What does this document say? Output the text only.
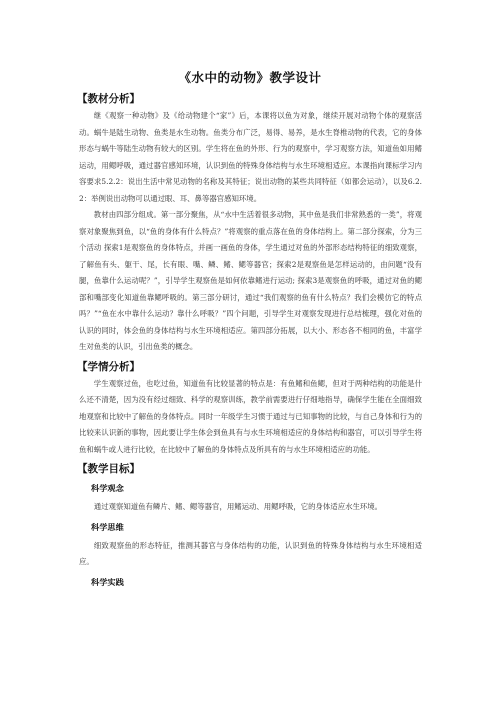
《水中的动物》教学设计
【教材分析】

继《观察一种动物》及《给动物建个“家”》后，本课将以鱼为对象，继续开展对动物个体的观察活动。蜗牛是陆生动物、鱼类是水生动物。鱼类分布广泛，易得、易养，是水生脊椎动物的代表，它的身体形态与蜗牛等陆生动物有较大的区别。学生将在鱼的外形、行为的观察中，学习观察方法，知道鱼如用鳍运动，用鳃呼吸，通过器官感知环境，认识到鱼的特殊身体结构与水生环境相适应。本课指向课标学习内容要求5.2.2：说出生活中常见动物的名称及其特征；说出动物的某些共同特征（如都会运动），以及6.2.2：举例说出动物可以通过眼、耳、鼻等器官感知环境。

教材由四部分组成。第一部分聚焦，从“水中生活着很多动物，其中鱼是我们非常熟悉的一类”，将观察对象聚焦到鱼，以“鱼的身体有什么特点？”将观察的重点落在鱼的身体结构上。第二部分探索，分为三个活动 探索1是观察鱼的身体特点，并画一画鱼的身体，学生通过对鱼的外部形态结构特征的细致观察，了解鱼有头、躯干、尾，长有眼、嘴、鳞、鳍、鳃等器官；探索2是观察鱼是怎样运动的，由问题“没有腿，鱼靠什么运动呢？”，引导学生观察鱼是如何依靠鳍进行运动; 探索3是观察鱼的呼吸，通过对鱼的鳃部和嘴部变化知道鱼靠鳃呼吸的。第三部分研讨，通过“我们观察的鱼有什么特点？我们会模仿它的特点吗？”“鱼在水中靠什么运动？靠什么呼吸？”四个问题，引导学生对观察发现进行总结梳理，强化对鱼的认识的同时，体会鱼的身体结构与水生环境相适应。第四部分拓展，以大小、形态各不相同的鱼，丰富学生对鱼类的认识，引出鱼类的概念。

【学情分析】

学生观察过鱼，也吃过鱼，知道鱼有比较显著的特点是：有鱼鳍和鱼鳃，但对于两种结构的功能是什么还不清楚，因为没有经过细致、科学的观察训练，教学前需要进行仔细地指导，确保学生能在全面细致地观察和比较中了解鱼的身体特点。同时一年级学生习惯于通过与已知事物的比较，与自己身体和行为的比较来认识新的事物，因此要让学生体会到鱼具有与水生环境相适应的身体结构和器官，可以引导学生将鱼和蜗牛或人进行比较，在比较中了解鱼的身体特点及所具有的与水生环境相适应的功能。

【教学目标】
科学观念

通过观察知道鱼有鳞片、鳍、鳃等器官，用鳍运动、用鳃呼吸，它的身体适应水生环境。

科学思维

细致观察鱼的形态特征，推测其器官与身体结构的功能，认识到鱼的特殊身体结构与水生环境相适应。

科学实践
